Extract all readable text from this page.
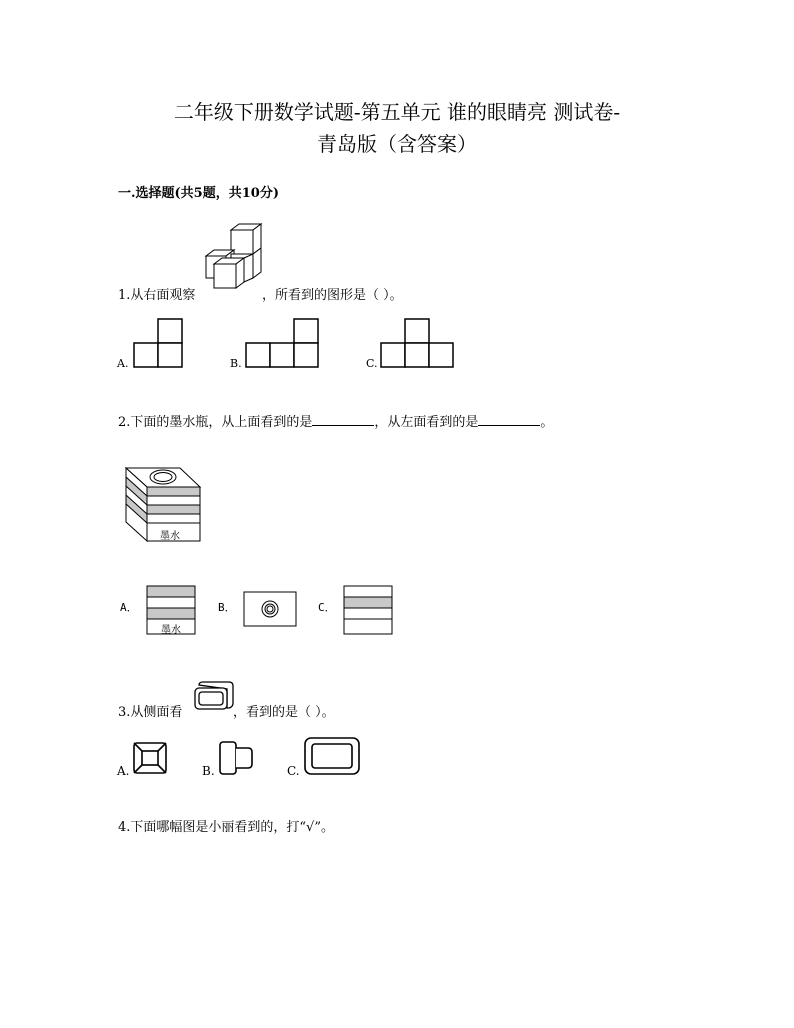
二年级下册数学试题-第五单元 谁的眼睛亮 测试卷-
青岛版（含答案）
一.选择题(共5题，共10分)
1.从右面观察	，所看到的图形是（ ）。
A.	B.	C.
2.下面的墨水瓶，从上面看到的是	，从左面看到的是	。
墨水
A．
墨水
B．	C．
3.从侧面看	，看到的是（ ）。
A.	B.	C.
4.下面哪幅图是小丽看到的，打“√”。
